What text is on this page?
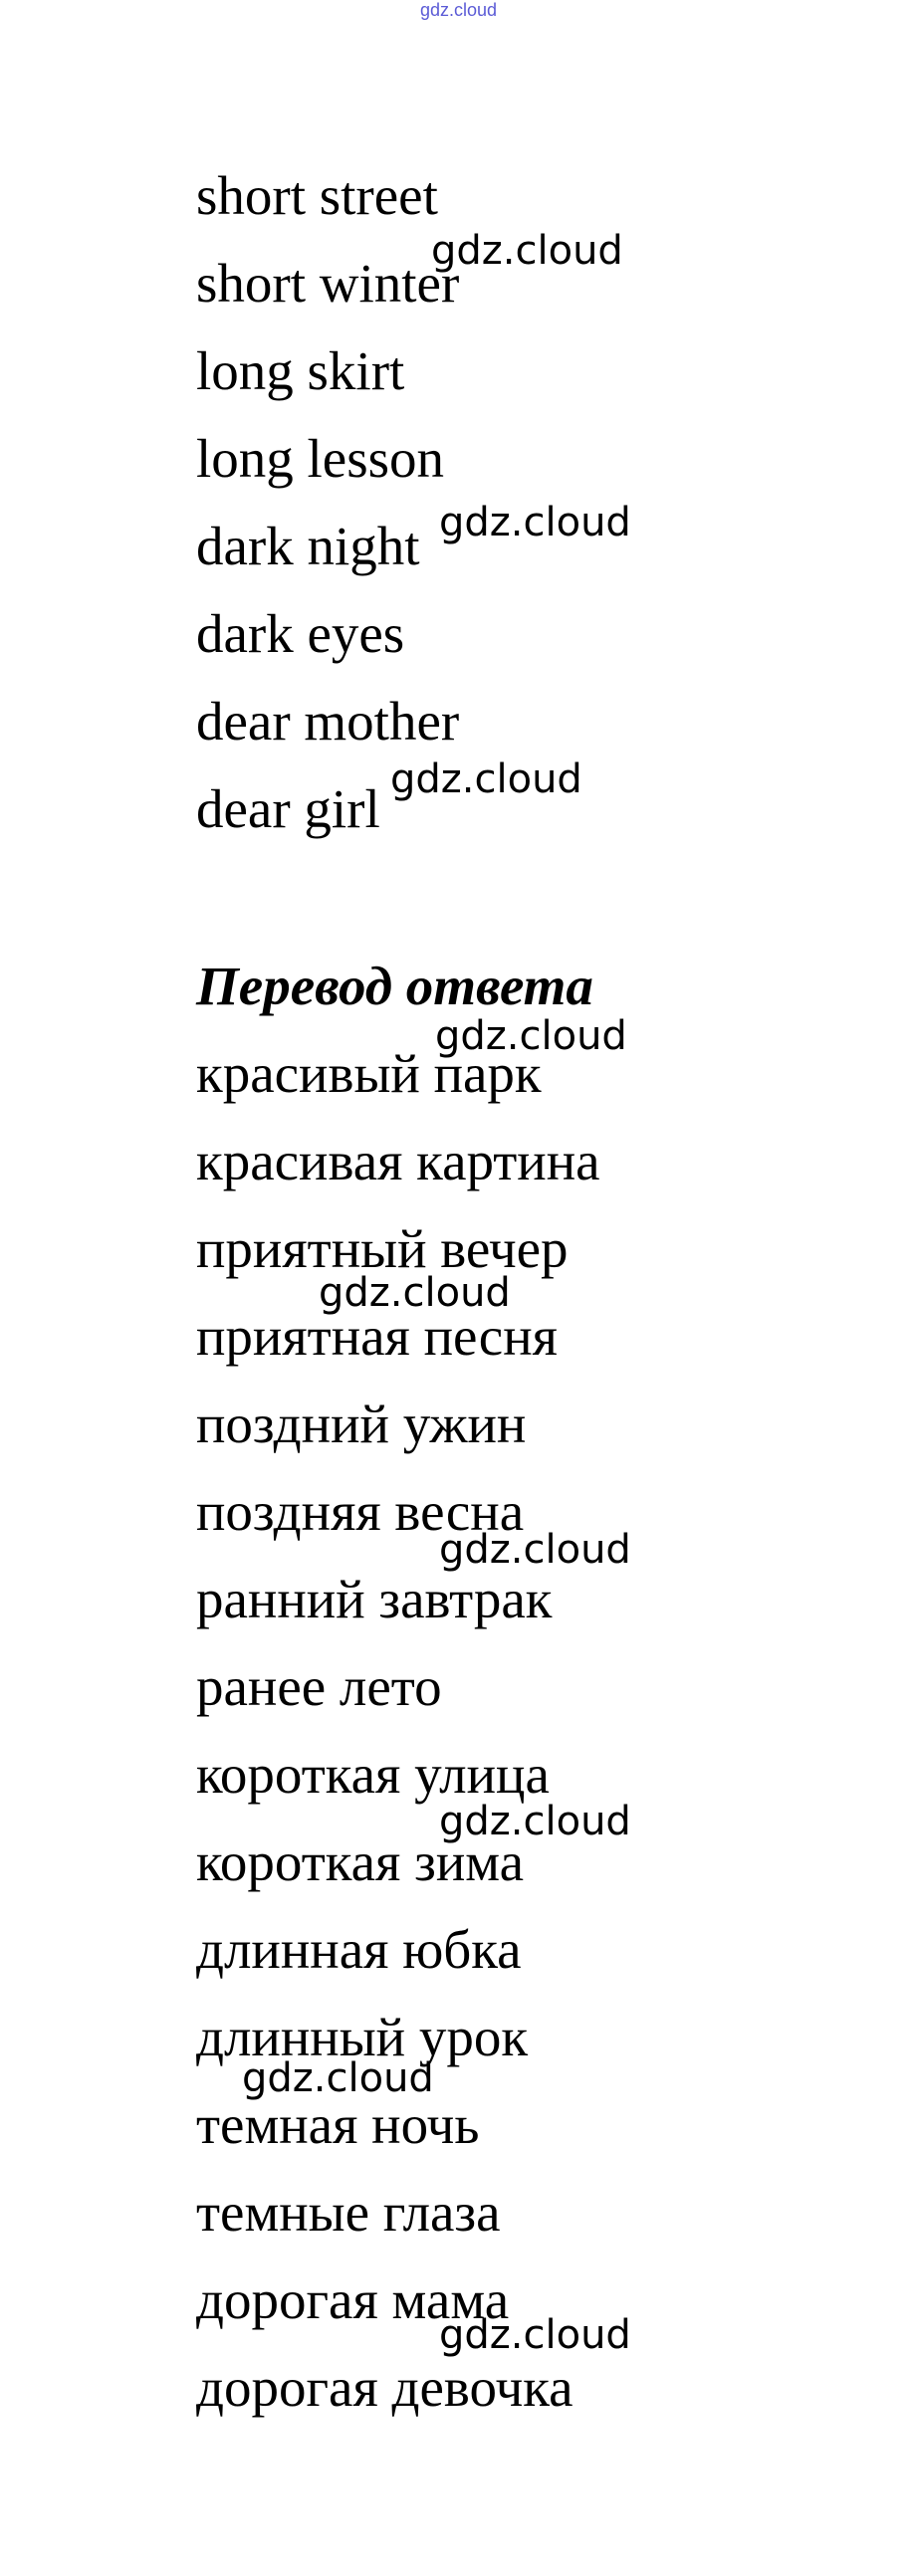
gdz.cloud
short street
short winter
long skirt
long lesson
dark night
dark eyes
dear mother
dear girl
Перевод ответа
красивый парк
красивая картина
приятный вечер
приятная песня
поздний ужин
поздняя весна
ранний завтрак
ранее лето
короткая улица
короткая зима
длинная юбка
длинный урок
темная ночь
темные глаза
дорогая мама
дорогая девочка
gdz.cloud
gdz.cloud
gdz.cloud
gdz.cloud
gdz.cloud
gdz.cloud
gdz.cloud
gdz.cloud
gdz.cloud
